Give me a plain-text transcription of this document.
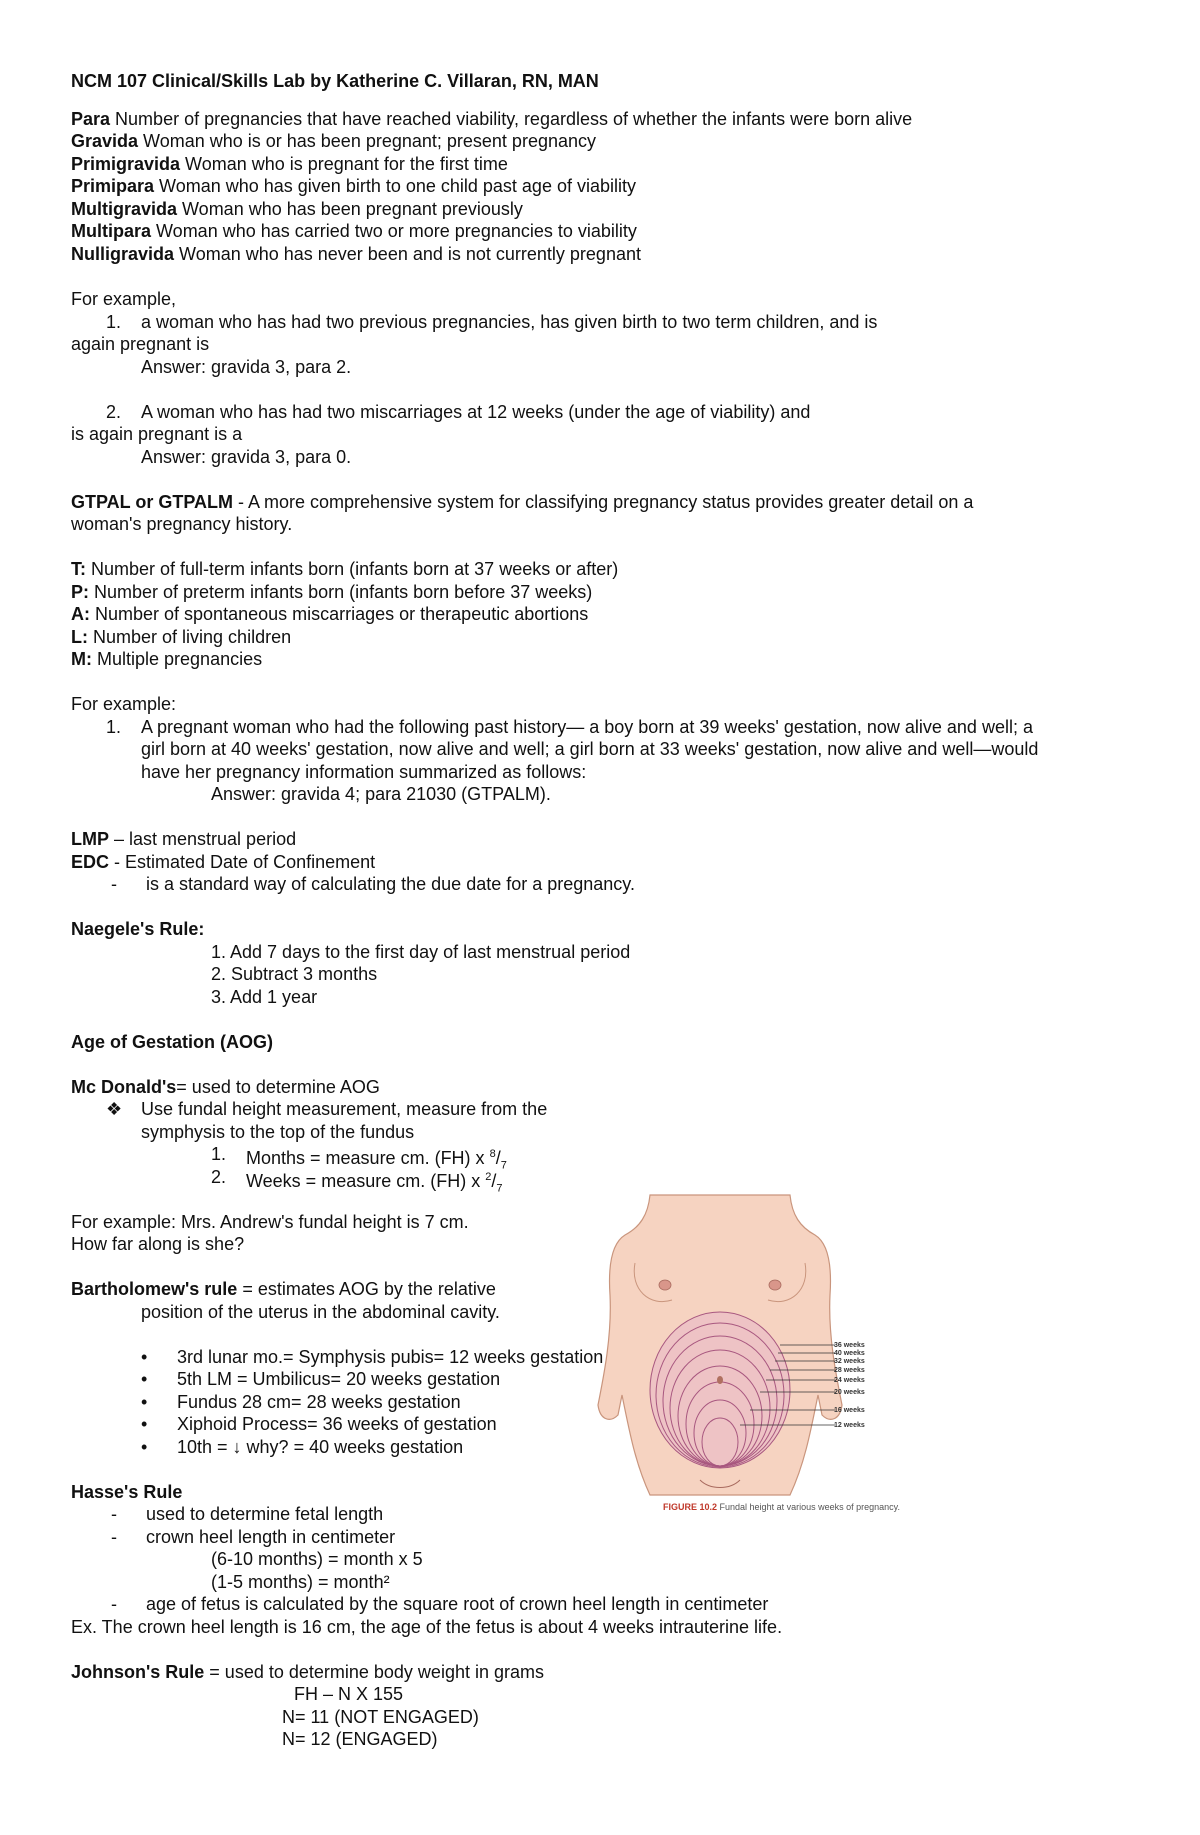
NCM 107 Clinical/Skills Lab by Katherine C. Villaran, RN, MAN
Para Number of pregnancies that have reached viability, regardless of whether the infants were born alive
Gravida Woman who is or has been pregnant; present pregnancy
Primigravida Woman who is pregnant for the first time
Primipara Woman who has given birth to one child past age of viability
Multigravida Woman who has been pregnant previously
Multipara Woman who has carried two or more pregnancies to viability
Nulligravida Woman who has never been and is not currently pregnant
For example,
1. a woman who has had two previous pregnancies, has given birth to two term children, and is
again pregnant is
Answer: gravida 3, para 2.
2. A woman who has had two miscarriages at 12 weeks (under the age of viability) and
is again pregnant is a
Answer: gravida 3, para 0.
GTPAL or GTPALM - A more comprehensive system for classifying pregnancy status provides greater detail on a
woman's pregnancy history.
T: Number of full-term infants born (infants born at 37 weeks or after)
P: Number of preterm infants born (infants born before 37 weeks)
A: Number of spontaneous miscarriages or therapeutic abortions
L: Number of living children
M: Multiple pregnancies
For example:
1. A pregnant woman who had the following past history— a boy born at 39 weeks' gestation, now alive and well; a
girl born at 40 weeks' gestation, now alive and well; a girl born at 33 weeks' gestation, now alive and well—would
have her pregnancy information summarized as follows:
Answer: gravida 4; para 21030 (GTPALM).
LMP – last menstrual period
EDC - Estimated Date of Confinement
- is a standard way of calculating the due date for a pregnancy.
Naegele's Rule:
1. Add 7 days to the first day of last menstrual period
2. Subtract 3 months
3. Add 1 year
Age of Gestation (AOG)
Mc Donald's= used to determine AOG
❖ Use fundal height measurement, measure from the
symphysis to the top of the fundus
1. Months = measure cm. (FH) x $^8/_7$
2. Weeks = measure cm. (FH) x $^2/_7$
For example: Mrs. Andrew's fundal height is 7 cm.
How far along is she?
Bartholomew's rule = estimates AOG by the relative
position of the uterus in the abdominal cavity.
• 3rd lunar mo.= Symphysis pubis= 12 weeks gestation
• 5th LM = Umbilicus= 20 weeks gestation
• Fundus 28 cm= 28 weeks gestation
• Xiphoid Process= 36 weeks of gestation
• 10th = ↓ why? = 40 weeks gestation
Hasse's Rule
- used to determine fetal length
- crown heel length in centimeter
(6-10 months) = month x 5
(1-5 months) = month²
- age of fetus is calculated by the square root of crown heel length in centimeter
Ex. The crown heel length is 16 cm, the age of the fetus is about 4 weeks intrauterine life.
Johnson's Rule = used to determine body weight in grams
FH – N X 155
N= 11 (NOT ENGAGED)
N= 12 (ENGAGED)
36 weeks
40 weeks
32 weeks
28 weeks
24 weeks
20 weeks
16 weeks
12 weeks
FIGURE 10.2 Fundal height at various weeks of pregnancy.
